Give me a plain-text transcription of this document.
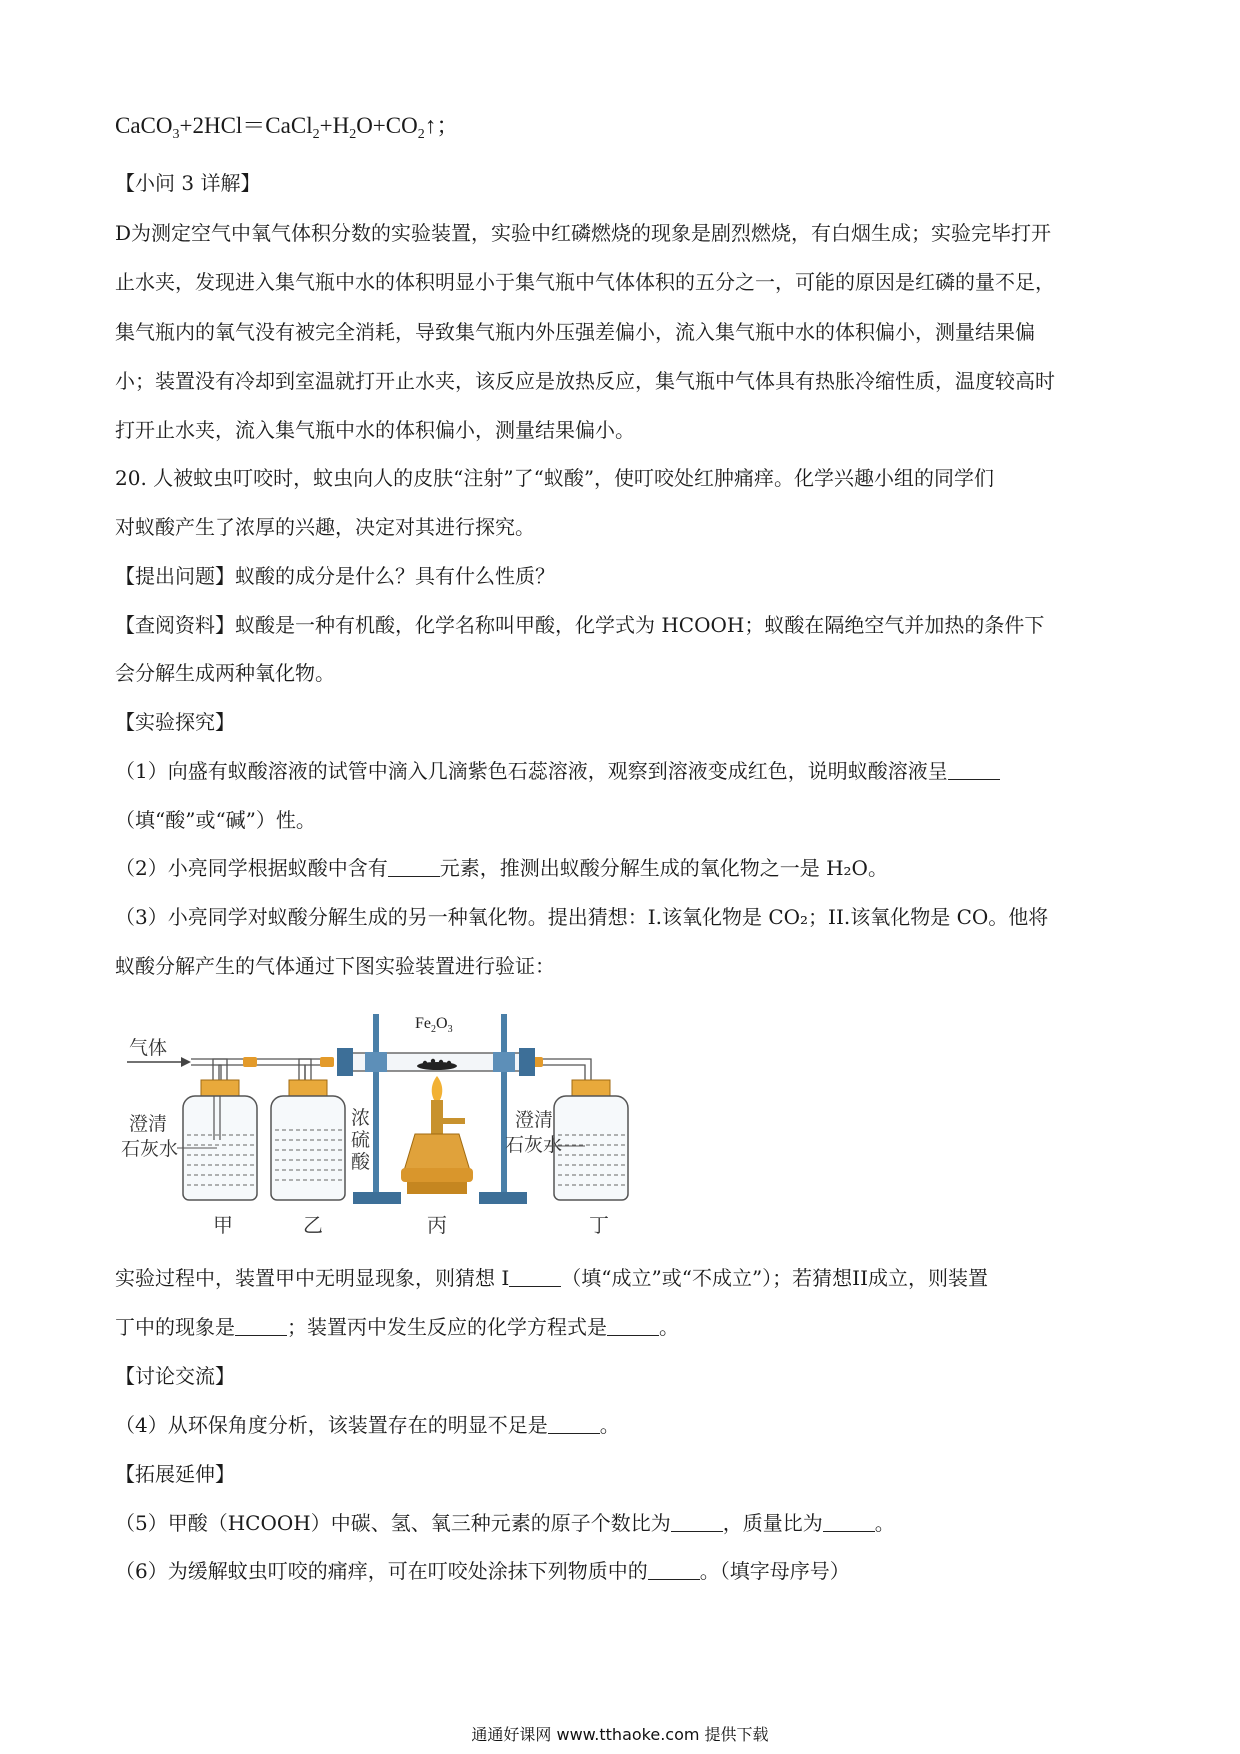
$CaCO_3+2HCl=CaCl_2+H_2O+CO_2↑$；
【小问 3 详解】
D为测定空气中氧气体积分数的实验装置，实验中红磷燃烧的现象是剧烈燃烧，有白烟生成；实验完毕打开
止水夹，发现进入集气瓶中水的体积明显小于集气瓶中气体体积的五分之一，可能的原因是红磷的量不足，
集气瓶内的氧气没有被完全消耗，导致集气瓶内外压强差偏小，流入集气瓶中水的体积偏小，测量结果偏
小；装置没有冷却到室温就打开止水夹，该反应是放热反应，集气瓶中气体具有热胀冷缩性质，温度较高时
打开止水夹，流入集气瓶中水的体积偏小，测量结果偏小。
20. 人被蚊虫叮咬时，蚊虫向人的皮肤“注射”了“蚁酸”，使叮咬处红肿痛痒。化学兴趣小组的同学们
对蚁酸产生了浓厚的兴趣，决定对其进行探究。
【提出问题】蚁酸的成分是什么？具有什么性质？
【查阅资料】蚁酸是一种有机酸，化学名称叫甲酸，化学式为 HCOOH；蚁酸在隔绝空气并加热的条件下
会分解生成两种氧化物。
【实验探究】
（1）向盛有蚁酸溶液的试管中滴入几滴紫色石蕊溶液，观察到溶液变成红色，说明蚁酸溶液呈
（填“酸”或“碱”）性。
（2）小亮同学根据蚁酸中含有	元素，推测出蚁酸分解生成的氧化物之一是 H₂O。
（3）小亮同学对蚁酸分解生成的另一种氧化物。提出猜想：I.该氧化物是 CO₂；II.该氧化物是 CO。他将
蚁酸分解产生的气体通过下图实验装置进行验证：
气体
$Fe_2O_3$
澄清
石灰水
浓
硫
酸
澄清
石灰水
甲	乙	丙	丁
实验过程中，装置甲中无明显现象，则猜想 I	（填“成立”或“不成立”）；若猜想II成立，则装置
丁中的现象是	；装置丙中发生反应的化学方程式是	。
【讨论交流】
（4）从环保角度分析，该装置存在的明显不足是	。
【拓展延伸】
（5）甲酸（HCOOH）中碳、氢、氧三种元素的原子个数比为	，质量比为	。
（6）为缓解蚊虫叮咬的痛痒，可在叮咬处涂抹下列物质中的	。（填字母序号）
通通好课网 www.tthaoke.com 提供下载
